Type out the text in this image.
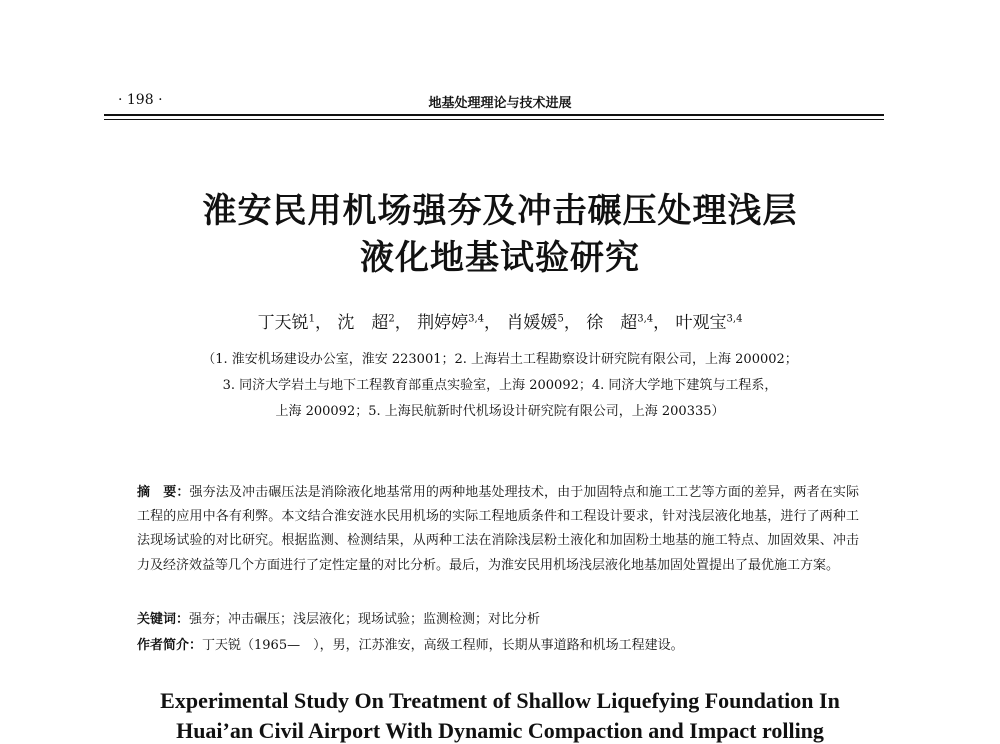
· 198 ·	地基处理理论与技术进展
淮安民用机场强夯及冲击碾压处理浅层
液化地基试验研究
丁天锐$^1$， 沈　超$^2$， 荆婷婷$^{3,4}$， 肖媛媛$^5$， 徐　超$^{3,4}$， 叶观宝$^{3,4}$
（1. 淮安机场建设办公室，淮安 223001；2. 上海岩土工程勘察设计研究院有限公司，上海 200002；
3. 同济大学岩土与地下工程教育部重点实验室，上海 200092；4. 同济大学地下建筑与工程系，
上海 200092；5. 上海民航新时代机场设计研究院有限公司，上海 200335）
摘　要：强夯法及冲击碾压法是消除液化地基常用的两种地基处理技术，由于加固特点和施工工艺等方面的差异，两者在实际工程的应用中各有利弊。本文结合淮安涟水民用机场的实际工程地质条件和工程设计要求，针对浅层液化地基，进行了两种工法现场试验的对比研究。根据监测、检测结果，从两种工法在消除浅层粉土液化和加固粉土地基的施工特点、加固效果、冲击力及经济效益等几个方面进行了定性定量的对比分析。最后，为淮安民用机场浅层液化地基加固处置提出了最优施工方案。
关键词：强夯；冲击碾压；浅层液化；现场试验；监测检测；对比分析
作者简介：丁天锐（1965—　），男，江苏淮安，高级工程师，长期从事道路和机场工程建设。
Experimental Study On Treatment of Shallow Liquefying Foundation In
Huai’an Civil Airport With Dynamic Compaction and Impact rolling
